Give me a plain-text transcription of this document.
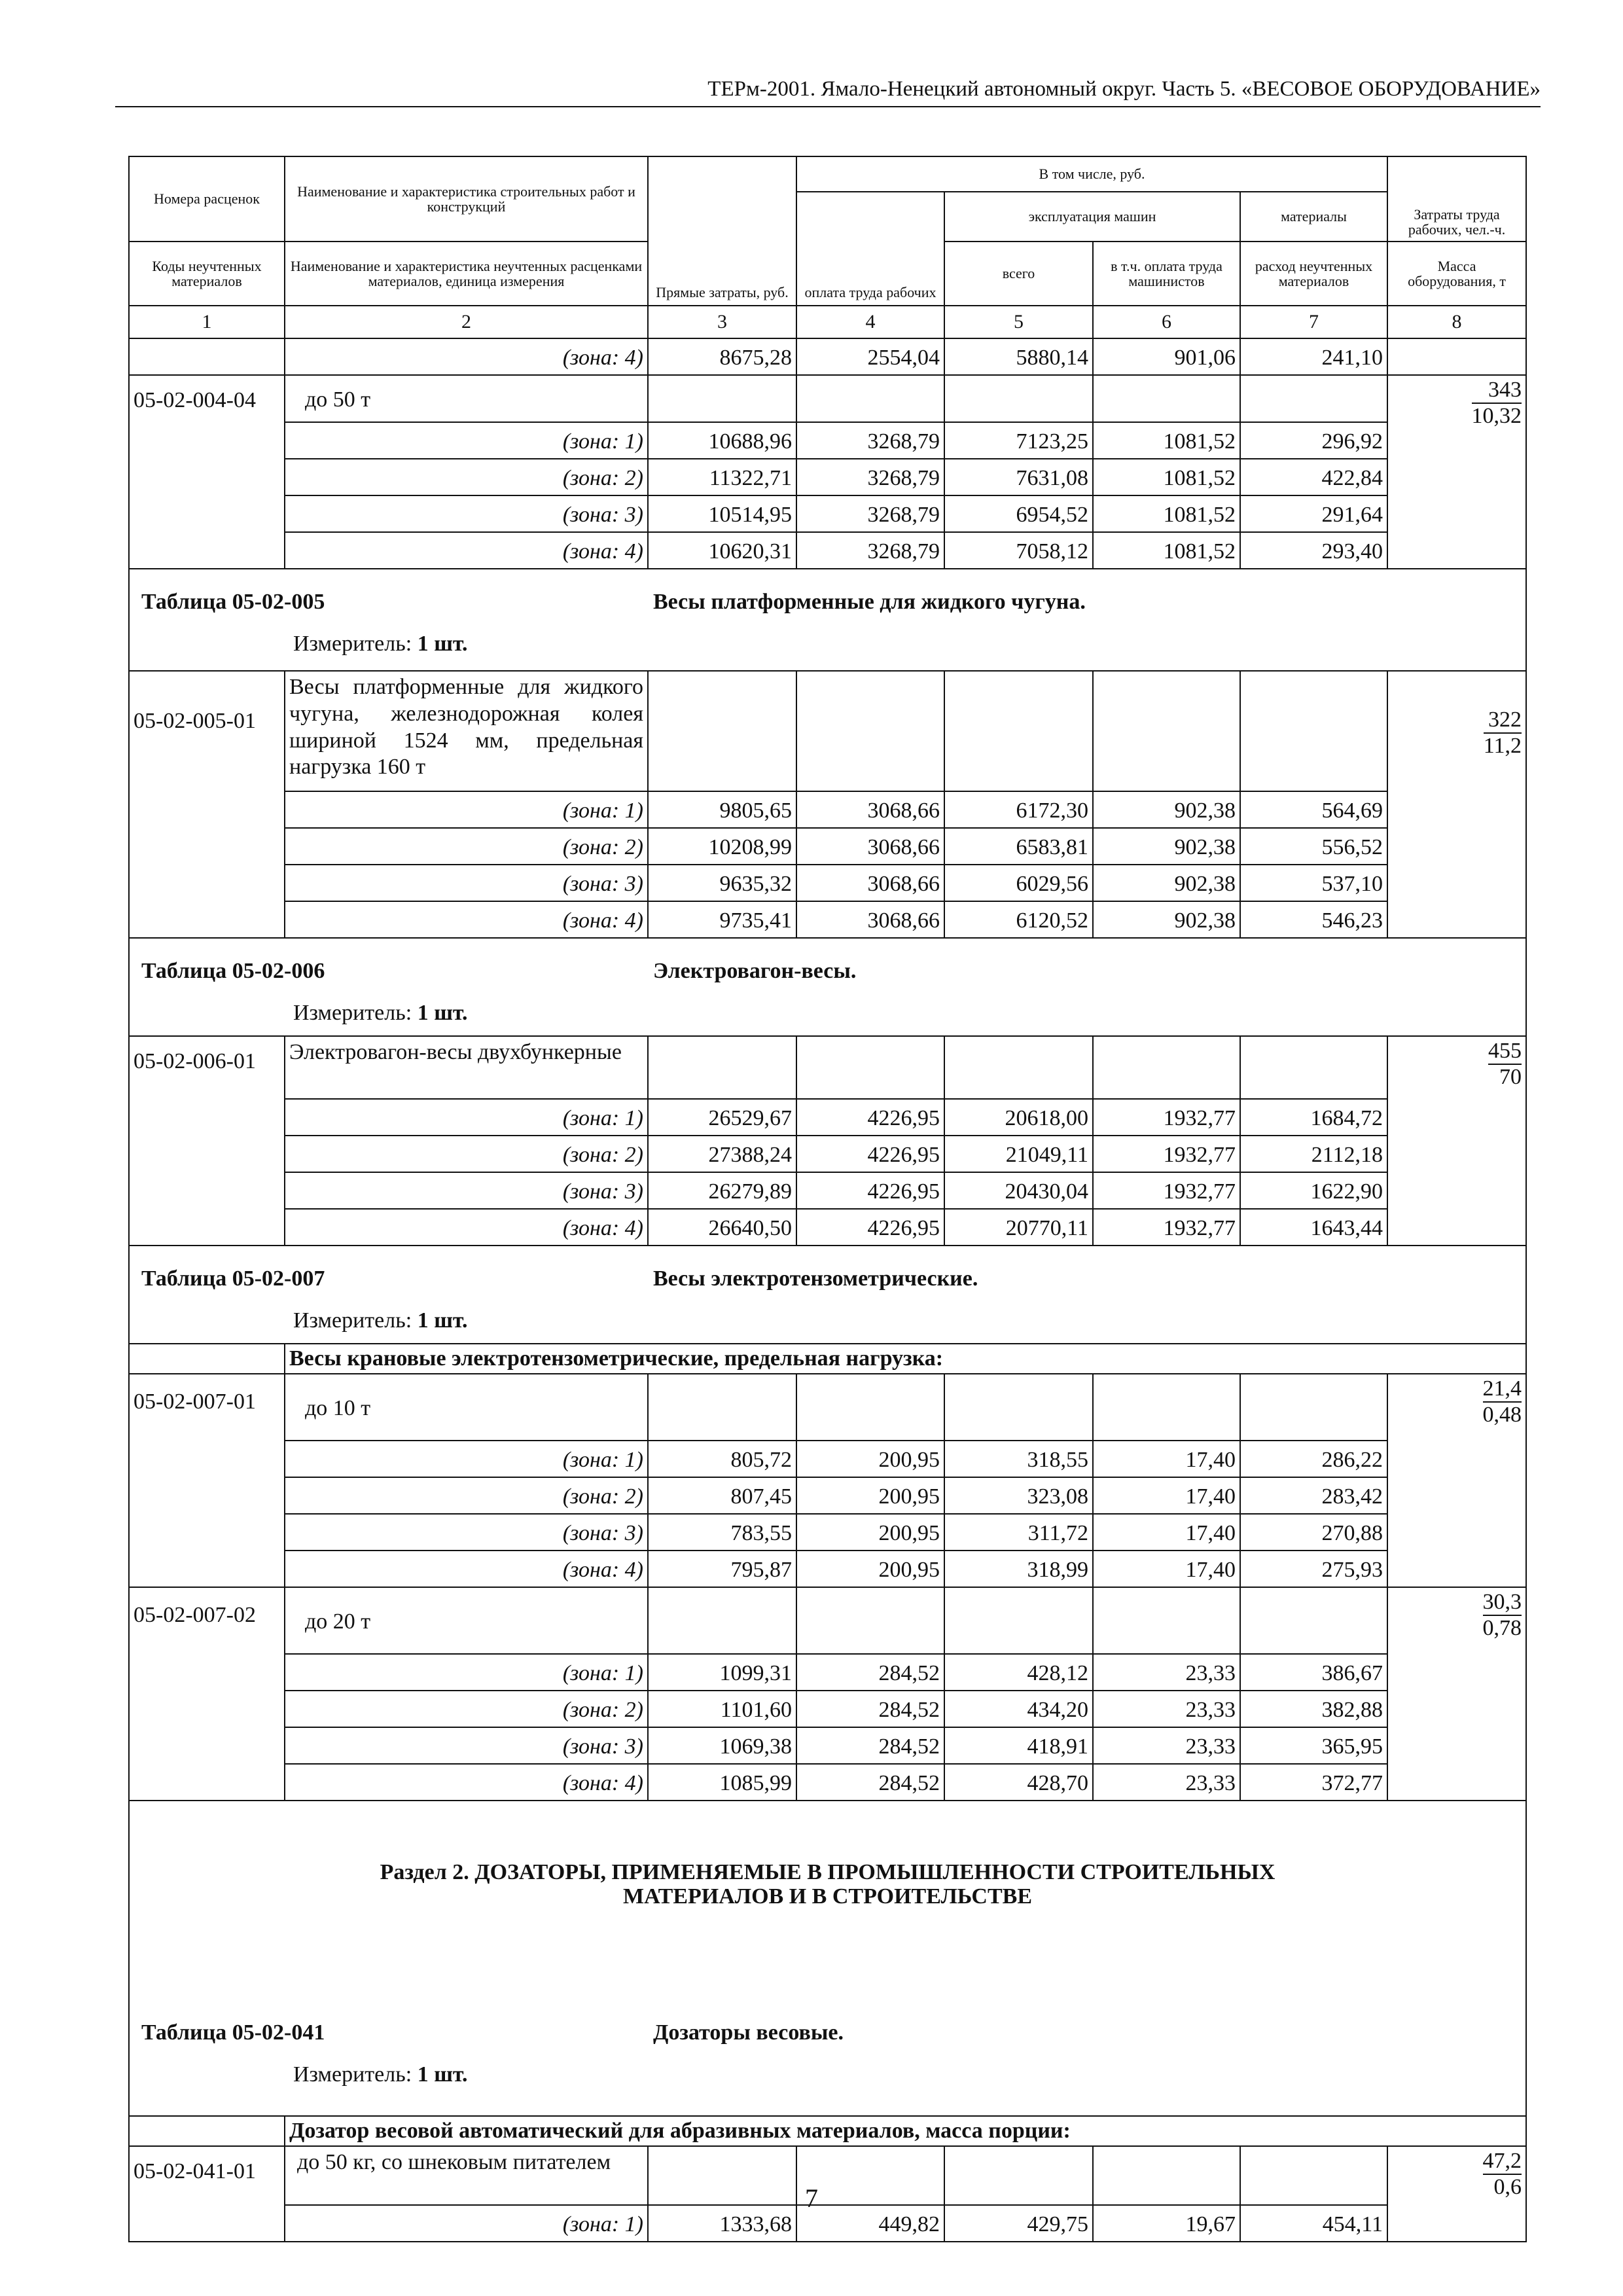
ТЕРм-2001. Ямало-Ненецкий автономный округ. Часть 5. «ВЕСОВОЕ ОБОРУДОВАНИЕ»
Номера расценок	Наименование и характеристика строительных работ и конструкций	Прямые затраты, руб.	В том числе, руб.				Затраты труда рабочих, чел.-ч.
			оплата труда рабочих	эксплуатация машин		материалы	
Коды неучтенных материалов	Наименование и характеристика неучтенных расценками материалов, единица измерения			всего	в т.ч. оплата труда машинистов	расход неучтенных материалов	Масса оборудования, т
1	2	3	4	5	6	7	8
	(зона: 4)	8675,28	2554,04	5880,14	901,06	241,10	
05-02-004-04	до 50 т						$\frac{343}{10,32}$

	(зона: 1)	10688,96	3268,79	7123,25	1081,52	296,92	
	(зона: 2)	11322,71	3268,79	7631,08	1081,52	422,84	
	(зона: 3)	10514,95	3268,79	6954,52	1081,52	291,64	
	(зона: 4)	10620,31	3268,79	7058,12	1081,52	293,40	

Таблица 05-02-005 Весы платформенные для жидкого чугуна.
Измеритель: 1 шт.							

05-02-005-01	Весы платформенные для жидкого чугуна, железнодорожная колея шириной 1524 мм, предельная нагрузка 160 т						$\frac{322}{11,2}$

	(зона: 1)	9805,65	3068,66	6172,30	902,38	564,69	
	(зона: 2)	10208,99	3068,66	6583,81	902,38	556,52	
	(зона: 3)	9635,32	3068,66	6029,56	902,38	537,10	
	(зона: 4)	9735,41	3068,66	6120,52	902,38	546,23	

Таблица 05-02-006 Электровагон-весы.
Измеритель: 1 шт.							

05-02-006-01	Электровагон-весы двухбункерные						$\frac{455}{70}$

	(зона: 1)	26529,67	4226,95	20618,00	1932,77	1684,72	
	(зона: 2)	27388,24	4226,95	21049,11	1932,77	2112,18	
	(зона: 3)	26279,89	4226,95	20430,04	1932,77	1622,90	
	(зона: 4)	26640,50	4226,95	20770,11	1932,77	1643,44	

Таблица 05-02-007 Весы электротензометрические.
Измеритель: 1 шт.							

	Весы крановые электротензометрические, предельная нагрузка:						
05-02-007-01	до 10 т						$\frac{21,4}{0,48}$

	(зона: 1)	805,72	200,95	318,55	17,40	286,22	
	(зона: 2)	807,45	200,95	323,08	17,40	283,42	
	(зона: 3)	783,55	200,95	311,72	17,40	270,88	
	(зона: 4)	795,87	200,95	318,99	17,40	275,93	
05-02-007-02	до 20 т						$\frac{30,3}{0,78}$

	(зона: 1)	1099,31	284,52	428,12	23,33	386,67	
	(зона: 2)	1101,60	284,52	434,20	23,33	382,88	
	(зона: 3)	1069,38	284,52	418,91	23,33	365,95	
	(зона: 4)	1085,99	284,52	428,70	23,33	372,77	

Раздел 2. ДОЗАТОРЫ, ПРИМЕНЯЕМЫЕ В ПРОМЫШЛЕННОСТИ СТРОИТЕЛЬНЫХ
МАТЕРИАЛОВ И В СТРОИТЕЛЬСТВЕ							

Таблица 05-02-041 Дозаторы весовые.
Измеритель: 1 шт.							

	Дозатор весовой автоматический для абразивных материалов, масса порции:						
05-02-041-01	до 50 кг, со шнековым питателем						$\frac{47,2}{0,6}$

	(зона: 1)	1333,68	449,82	429,75	19,67	454,11	
7
